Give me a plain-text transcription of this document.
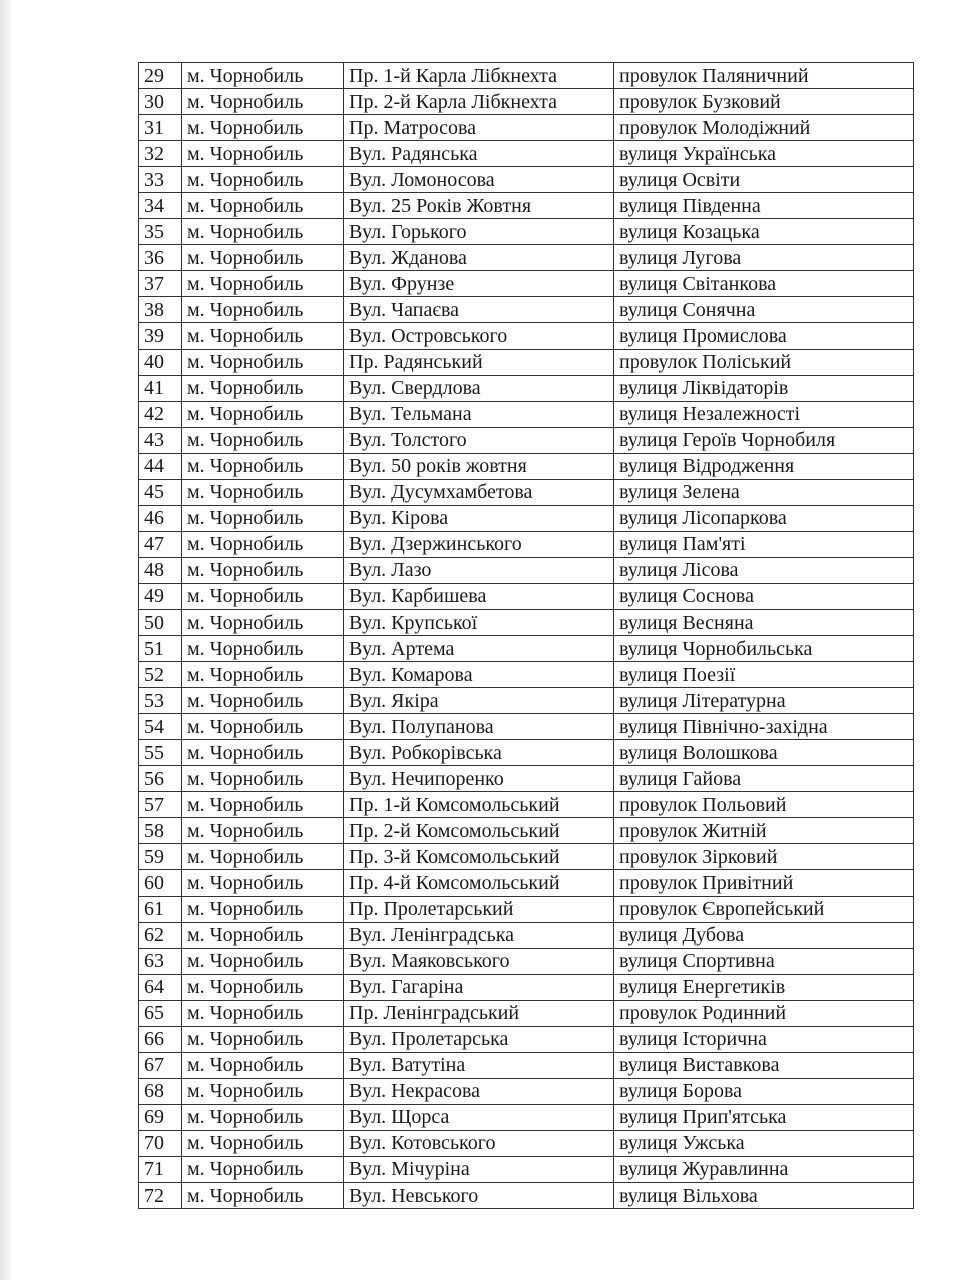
29	м. Чорнобиль	Пр. 1-й Карла Лібкнехта	провулок Паляничний
30	м. Чорнобиль	Пр. 2-й Карла Лібкнехта	провулок Бузковий
31	м. Чорнобиль	Пр. Матросова	провулок Молодіжний
32	м. Чорнобиль	Вул. Радянська	вулиця Українська
33	м. Чорнобиль	Вул. Ломоносова	вулиця Освіти
34	м. Чорнобиль	Вул. 25 Років Жовтня	вулиця Південна
35	м. Чорнобиль	Вул. Горького	вулиця Козацька
36	м. Чорнобиль	Вул. Жданова	вулиця Лугова
37	м. Чорнобиль	Вул. Фрунзе	вулиця Світанкова
38	м. Чорнобиль	Вул. Чапаєва	вулиця Сонячна
39	м. Чорнобиль	Вул. Островського	вулиця Промислова
40	м. Чорнобиль	Пр. Радянський	провулок Поліський
41	м. Чорнобиль	Вул. Свердлова	вулиця Ліквідаторів
42	м. Чорнобиль	Вул. Тельмана	вулиця Незалежності
43	м. Чорнобиль	Вул. Толстого	вулиця Героїв Чорнобиля
44	м. Чорнобиль	Вул. 50 років жовтня	вулиця Відродження
45	м. Чорнобиль	Вул. Дусумхамбетова	вулиця Зелена
46	м. Чорнобиль	Вул. Кірова	вулиця Лісопаркова
47	м. Чорнобиль	Вул. Дзержинського	вулиця Пам'яті
48	м. Чорнобиль	Вул. Лазо	вулиця Лісова
49	м. Чорнобиль	Вул. Карбишева	вулиця Соснова
50	м. Чорнобиль	Вул. Крупської	вулиця Весняна
51	м. Чорнобиль	Вул. Артема	вулиця Чорнобильська
52	м. Чорнобиль	Вул. Комарова	вулиця Поезії
53	м. Чорнобиль	Вул. Якіра	вулиця Літературна
54	м. Чорнобиль	Вул. Полупанова	вулиця Північно-західна
55	м. Чорнобиль	Вул. Робкорівська	вулиця Волошкова
56	м. Чорнобиль	Вул. Нечипоренко	вулиця Гайова
57	м. Чорнобиль	Пр. 1-й Комсомольський	провулок Польовий
58	м. Чорнобиль	Пр. 2-й Комсомольський	провулок Житній
59	м. Чорнобиль	Пр. 3-й Комсомольський	провулок Зірковий
60	м. Чорнобиль	Пр. 4-й Комсомольський	провулок Привітний
61	м. Чорнобиль	Пр. Пролетарський	провулок Європейський
62	м. Чорнобиль	Вул. Ленінградська	вулиця Дубова
63	м. Чорнобиль	Вул. Маяковського	вулиця Спортивна
64	м. Чорнобиль	Вул. Гагаріна	вулиця Енергетиків
65	м. Чорнобиль	Пр. Ленінградський	провулок Родинний
66	м. Чорнобиль	Вул. Пролетарська	вулиця Історична
67	м. Чорнобиль	Вул. Ватутіна	вулиця Виставкова
68	м. Чорнобиль	Вул. Некрасова	вулиця Борова
69	м. Чорнобиль	Вул. Щорса	вулиця Прип'ятська
70	м. Чорнобиль	Вул. Котовського	вулиця Ужська
71	м. Чорнобиль	Вул. Мічуріна	вулиця Журавлинна
72	м. Чорнобиль	Вул. Невського	вулиця Вільхова
